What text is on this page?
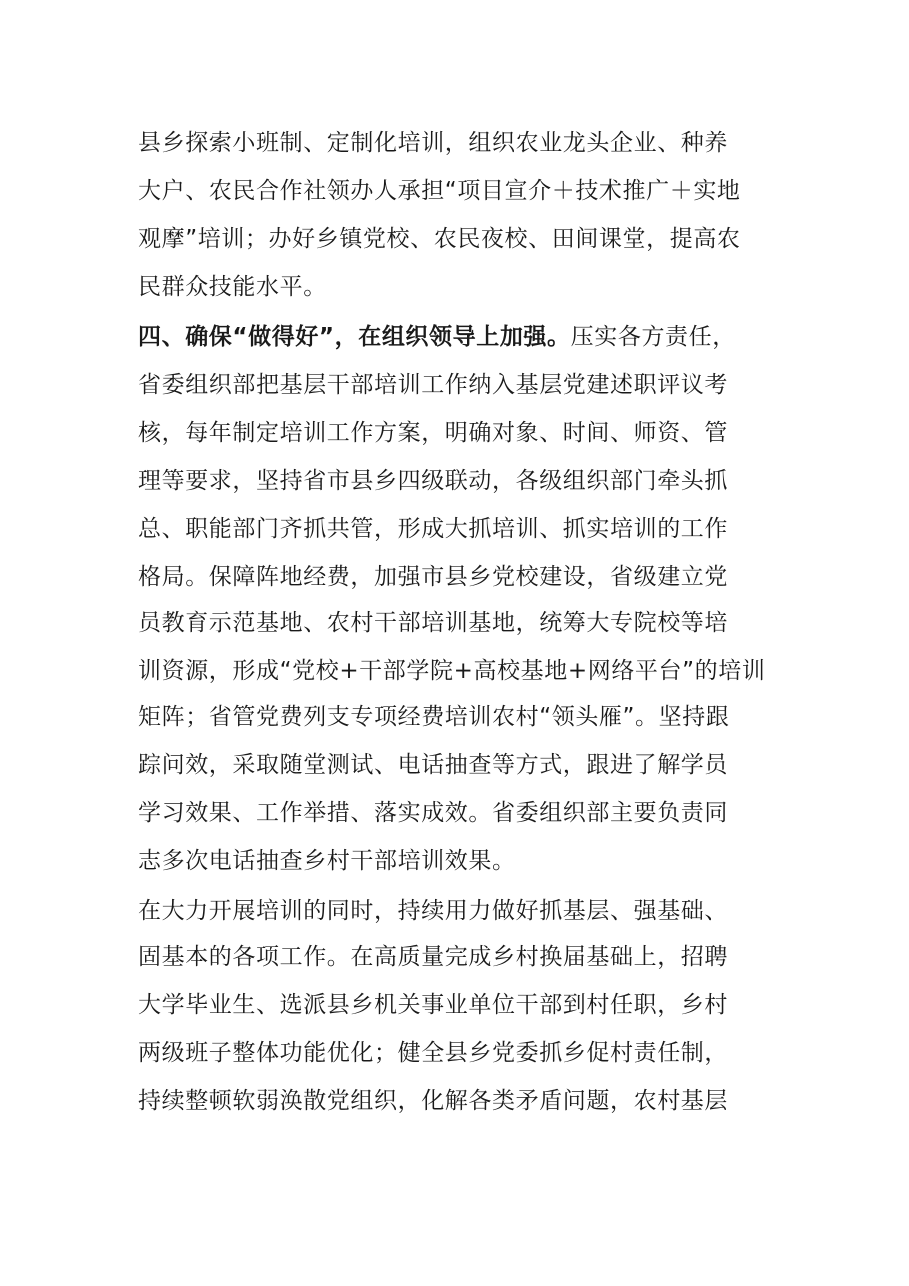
县乡探索小班制、定制化培训，组织农业龙头企业、种养
大户、农民合作社领办人承担“项目宣介＋技术推广＋实地
观摩”培训；办好乡镇党校、农民夜校、田间课堂，提高农
民群众技能水平。
四、确保“做得好”，在组织领导上加强。压实各方责任，
省委组织部把基层干部培训工作纳入基层党建述职评议考
核，每年制定培训工作方案，明确对象、时间、师资、管
理等要求，坚持省市县乡四级联动，各级组织部门牵头抓
总、职能部门齐抓共管，形成大抓培训、抓实培训的工作
格局。保障阵地经费，加强市县乡党校建设，省级建立党
员教育示范基地、农村干部培训基地，统筹大专院校等培
训资源，形成“党校+干部学院+高校基地+网络平台”的培训
矩阵；省管党费列支专项经费培训农村“领头雁”。坚持跟
踪问效，采取随堂测试、电话抽查等方式，跟进了解学员
学习效果、工作举措、落实成效。省委组织部主要负责同
志多次电话抽查乡村干部培训效果。
在大力开展培训的同时，持续用力做好抓基层、强基础、
固基本的各项工作。在高质量完成乡村换届基础上，招聘
大学毕业生、选派县乡机关事业单位干部到村任职，乡村
两级班子整体功能优化；健全县乡党委抓乡促村责任制，
持续整顿软弱涣散党组织，化解各类矛盾问题，农村基层
